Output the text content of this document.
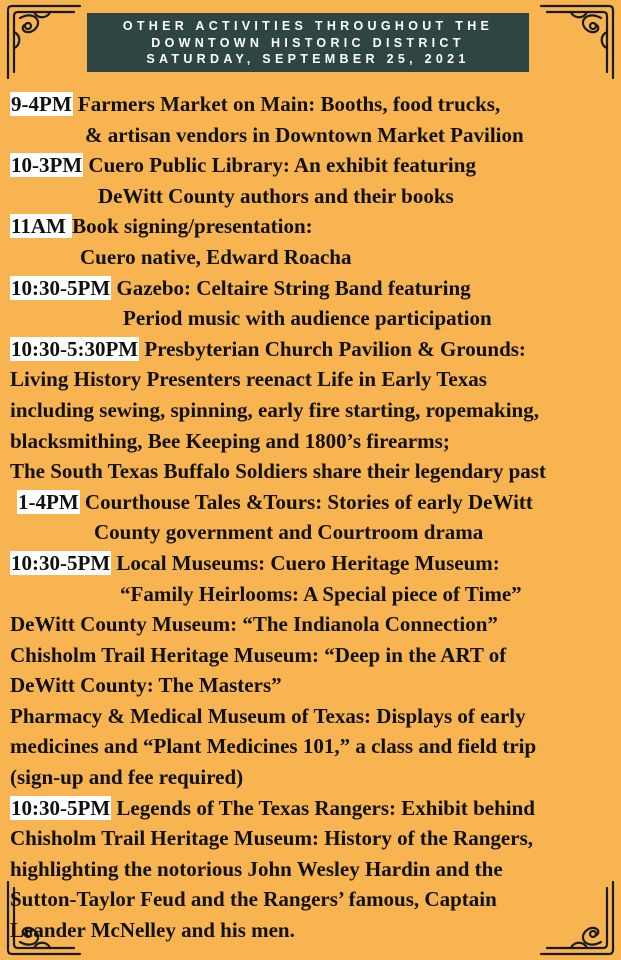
OTHER ACTIVITIES THROUGHOUT THE
DOWNTOWN HISTORIC DISTRICT
SATURDAY, SEPTEMBER 25, 2021
9-4PM Farmers Market on Main: Booths, food trucks,
& artisan vendors in Downtown Market Pavilion
10-3PM Cuero Public Library: An exhibit featuring
DeWitt County authors and their books
11AM Book signing/presentation:
Cuero native, Edward Roacha
10:30-5PM Gazebo: Celtaire String Band featuring
Period music with audience participation
10:30-5:30PM Presbyterian Church Pavilion & Grounds:
Living History Presenters reenact Life in Early Texas
including sewing, spinning, early fire starting, ropemaking,
blacksmithing, Bee Keeping and 1800’s firearms;
The South Texas Buffalo Soldiers share their legendary past
1-4PM Courthouse Tales &Tours: Stories of early DeWitt
County government and Courtroom drama
10:30-5PM Local Museums: Cuero Heritage Museum:
“Family Heirlooms: A Special piece of Time”
DeWitt County Museum: “The Indianola Connection”
Chisholm Trail Heritage Museum: “Deep in the ART of
DeWitt County: The Masters”
Pharmacy & Medical Museum of Texas: Displays of early
medicines and “Plant Medicines 101,” a class and field trip
(sign-up and fee required)
10:30-5PM Legends of The Texas Rangers: Exhibit behind
Chisholm Trail Heritage Museum: History of the Rangers,
highlighting the notorious John Wesley Hardin and the
Sutton-Taylor Feud and the Rangers’ famous, Captain
Leander McNelley and his men.
